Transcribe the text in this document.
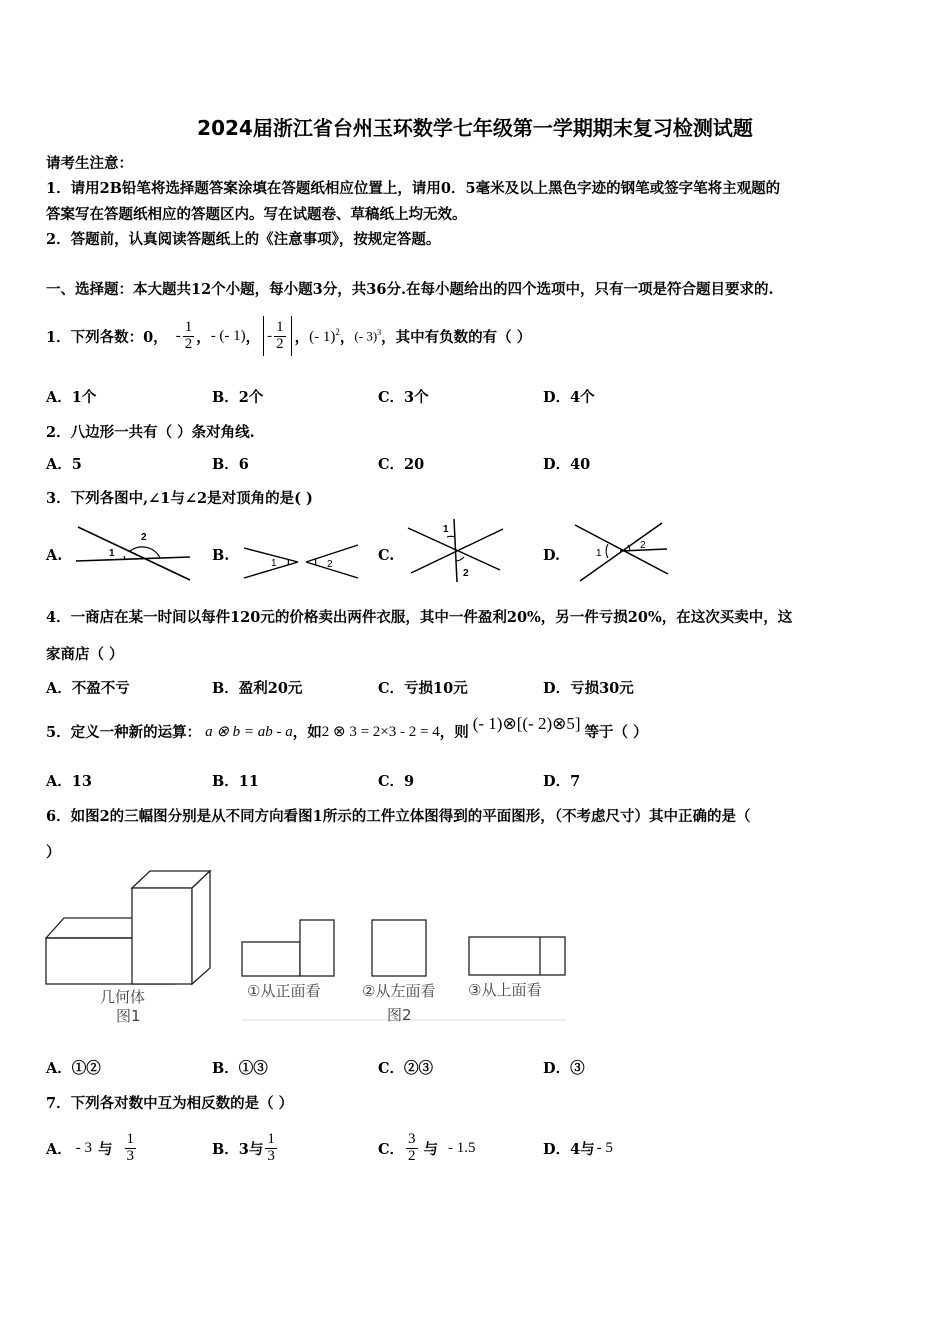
2024届浙江省台州玉环数学七年级第一学期期末复习检测试题
请考生注意：
1．请用2B铅笔将选择题答案涂填在答题纸相应位置上，请用0．5毫米及以上黑色字迹的钢笔或签字笔将主观题的
答案写在答题纸相应的答题区内。写在试题卷、草稿纸上均无效。
2．答题前，认真阅读答题纸上的《注意事项》，按规定答题。
一、选择题：本大题共12个小题，每小题3分，共36分.在每小题给出的四个选项中，只有一项是符合题目要求的.
1．下列各数：0， - $\frac{1}{2}$ ， - (- 1) ， - $\frac{1}{2}$ ， (- 1)$^2$ ， (- 3)$^3$ ，其中有负数的有（ ）
A．1个	B．2个	C．3个	D．4个
2．八边形一共有（ ）条对角线.
A．5	B．6	C．20	D．40
3．下列各图中,∠1与∠2是对顶角的是( )
A.	B.	C.	D.
1
2
1	2
1
2
1
2
4．一商店在某一时间以每件120元的价格卖出两件衣服，其中一件盈利20%，另一件亏损20%，在这次买卖中，这
家商店（ ）
A．不盈不亏	B．盈利20元	C．亏损10元	D．亏损30元
5．定义一种新的运算： a ⊗ b = ab - a ，如 2 ⊗ 3 = 2×3 - 2 = 4 ，则 (- 1)⊗[(- 2)⊗5] 等于（ ）
A．13	B．11	C．9	D．7
6．如图2的三幅图分别是从不同方向看图1所示的工件立体图得到的平面图形，（不考虑尺寸）其中正确的是（
）
几何体
图1
①从正面看	②从左面看 ③从上面看
图2
A．①②	B．①③	C．②③	D．③
7．下列各对数中互为相反数的是（ ）
A． - 3 与 $\frac{1}{3}$	B．3与 $\frac{1}{3}$	C． $\frac{3}{2}$ 与 - 1.5	D．4与 - 5
